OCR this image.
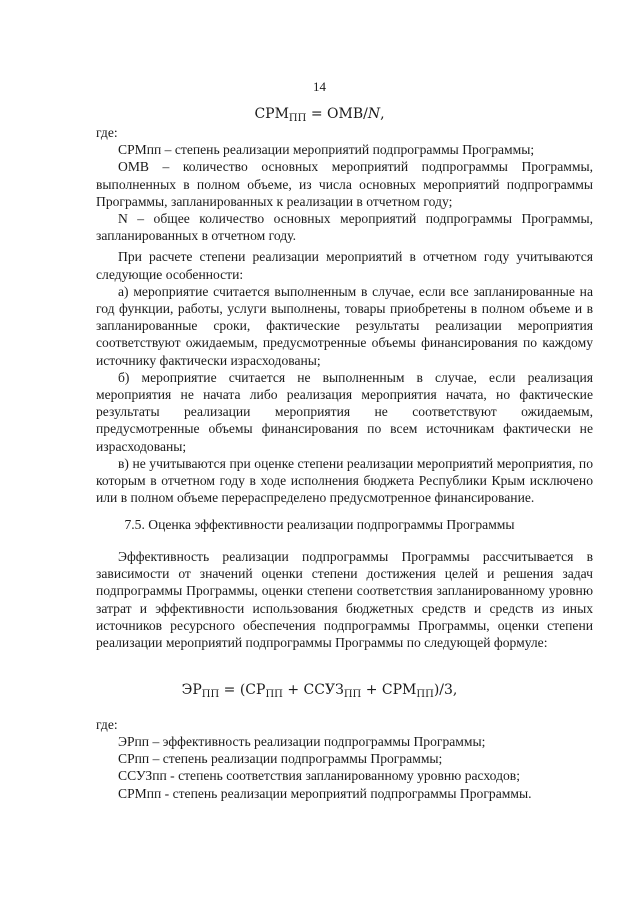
14
$СРМ_{ПП} = ОМВ/N$,

где:

СРМпп – степень реализации мероприятий подпрограммы Программы;

ОМВ – количество основных мероприятий подпрограммы Программы, выполненных в полном объеме, из числа основных мероприятий подпрограммы Программы, запланированных к реализации в отчетном году;

N – общее количество основных мероприятий подпрограммы Программы, запланированных в отчетном году.

При расчете степени реализации мероприятий в отчетном году учитываются следующие особенности:

а) мероприятие считается выполненным в случае, если все запланированные на год функции, работы, услуги выполнены, товары приобретены в полном объеме и в запланированные сроки, фактические результаты реализации мероприятия соответствуют ожидаемым, предусмотренные объемы финансирования по каждому источнику фактически израсходованы;

б) мероприятие считается не выполненным в случае, если реализация мероприятия не начата либо реализация мероприятия начата, но фактические результаты реализации мероприятия не соответствуют ожидаемым, предусмотренные объемы финансирования по всем источникам фактически не израсходованы;

в) не учитываются при оценке степени реализации мероприятий мероприятия, по которым в отчетном году в ходе исполнения бюджета Республики Крым исключено или в полном объеме перераспределено предусмотренное финансирование.

7.5. Оценка эффективности реализации подпрограммы Программы

Эффективность реализации подпрограммы Программы рассчитывается в зависимости от значений оценки степени достижения целей и решения задач подпрограммы Программы, оценки степени соответствия запланированному уровню затрат и эффективности использования бюджетных средств и средств из иных источников ресурсного обеспечения подпрограммы Программы, оценки степени реализации мероприятий подпрограммы Программы по следующей формуле:

$ЭР_{ПП} = (СР_{ПП}$ + $ССУЗ_{ПП} + СРМ_{ПП})/3$,

где:

ЭРпп – эффективность реализации подпрограммы Программы;
СРпп – степень реализации подпрограммы Программы;
ССУЗпп - степень соответствия запланированному уровню расходов;
СРМпп - степень реализации мероприятий подпрограммы Программы.
